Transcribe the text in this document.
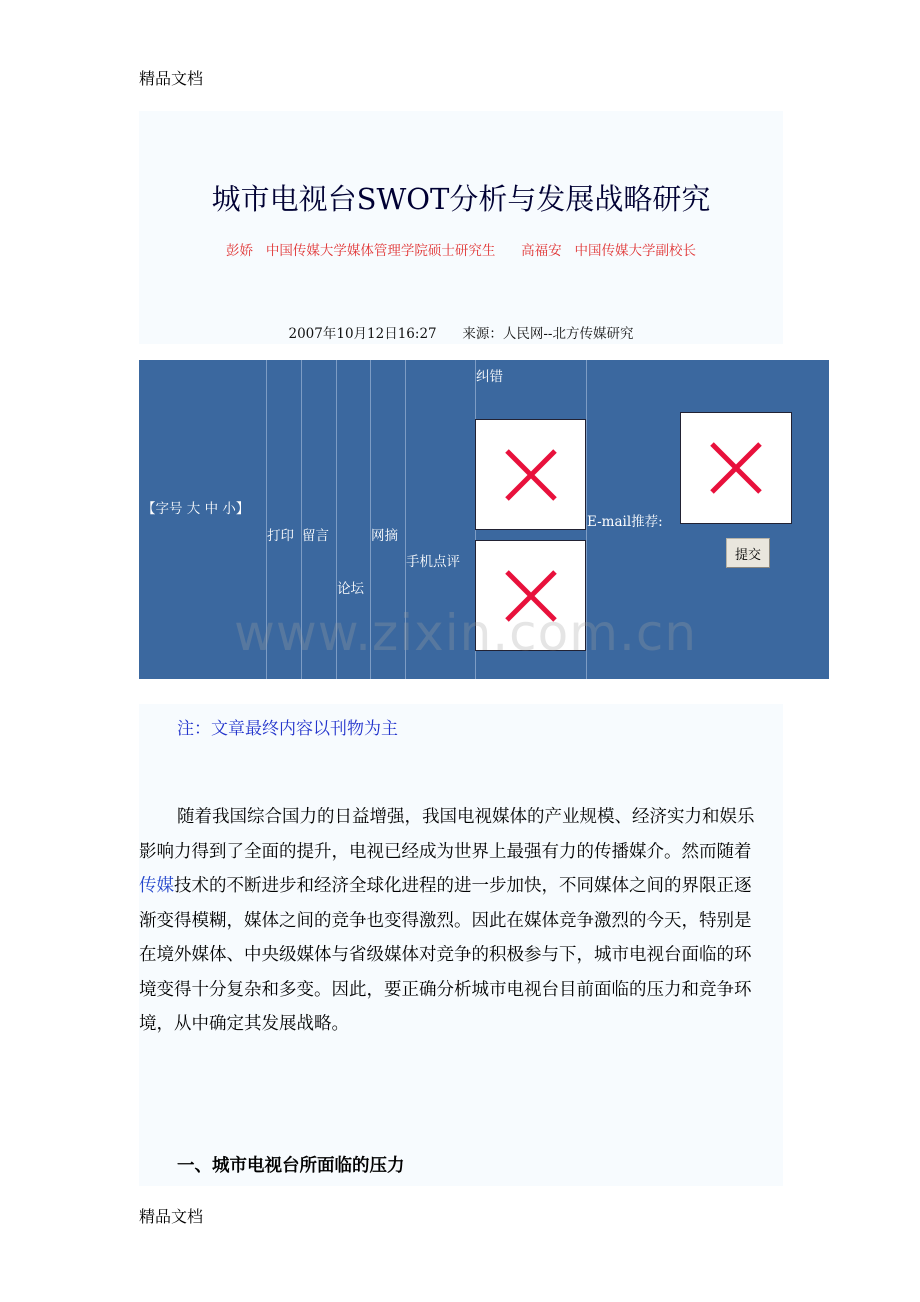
精品文档
城市电视台SWOT分析与发展战略研究
彭娇   中国传媒大学媒体管理学院硕士研究生      高福安   中国传媒大学副校长
2007年10月12日16:27      来源：人民网--北方传媒研究
【字号 大 中 小】
打印 留言
论坛
网摘
手机点评
纠错
E-mail推荐:
提交
www.zixin.com.cn
注：文章最终内容以刊物为主
随着我国综合国力的日益增强，我国电视媒体的产业规模、经济实力和娱乐
影响力得到了全面的提升，电视已经成为世界上最强有力的传播媒介。然而随着
传媒技术的不断进步和经济全球化进程的进一步加快，不同媒体之间的界限正逐
渐变得模糊，媒体之间的竞争也变得激烈。因此在媒体竞争激烈的今天，特别是
在境外媒体、中央级媒体与省级媒体对竞争的积极参与下，城市电视台面临的环
境变得十分复杂和多变。因此，要正确分析城市电视台目前面临的压力和竞争环
境，从中确定其发展战略。
一、城市电视台所面临的压力
精品文档
